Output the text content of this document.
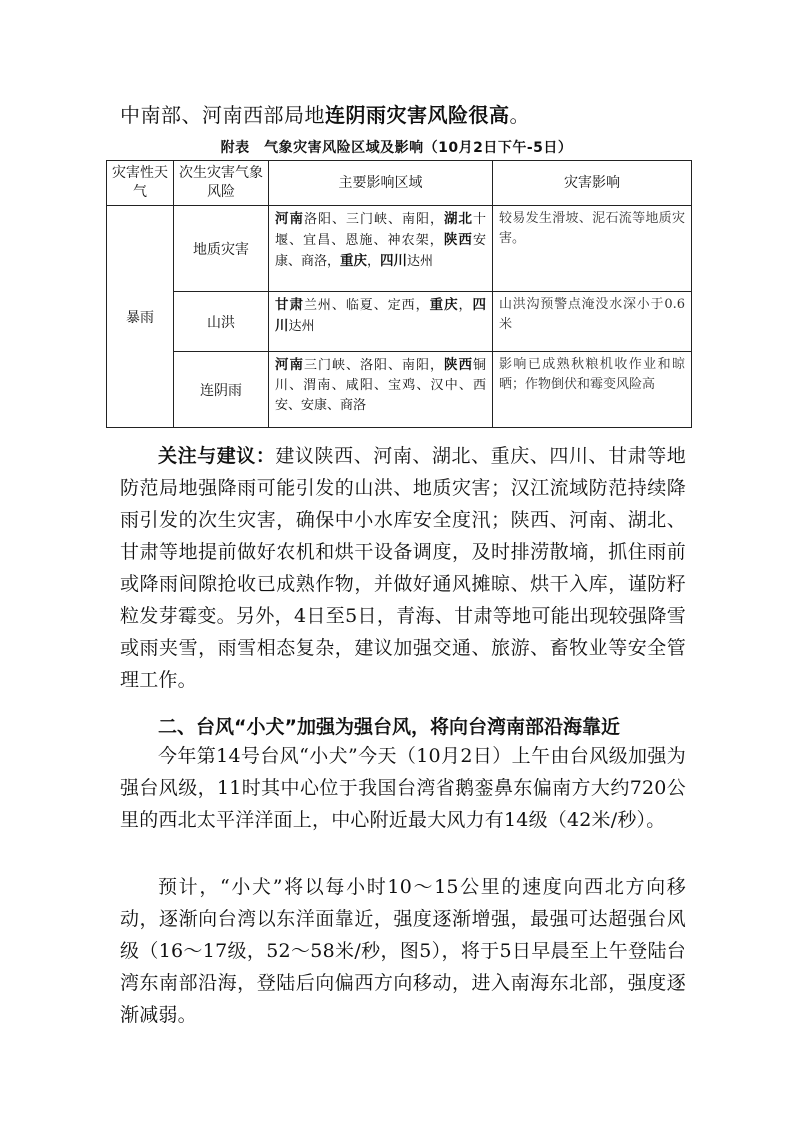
中南部、河南西部局地连阴雨灾害风险很高。
附表　气象灾害风险区域及影响（10月2日下午-5日）
灾害性天气	次生灾害气象风险	主要影响区域	灾害影响
暴雨	地质灾害	河南洛阳、三门峡、南阳，湖北十堰、宜昌、恩施、神农架，陕西安康、商洛，重庆，四川达州	较易发生滑坡、泥石流等地质灾害。
	山洪	甘肃兰州、临夏、定西，重庆，四川达州	山洪沟预警点淹没水深小于0.6米
	连阴雨	河南三门峡、洛阳、南阳，陕西铜川、渭南、咸阳、宝鸡、汉中、西安、安康、商洛	影响已成熟秋粮机收作业和晾晒；作物倒伏和霉变风险高
关注与建议：建议陕西、河南、湖北、重庆、四川、甘肃等地防范局地强降雨可能引发的山洪、地质灾害；汉江流域防范持续降雨引发的次生灾害，确保中小水库安全度汛；陕西、河南、湖北、甘肃等地提前做好农机和烘干设备调度，及时排涝散墒，抓住雨前或降雨间隙抢收已成熟作物，并做好通风摊晾、烘干入库，谨防籽粒发芽霉变。另外，4日至5日，青海、甘肃等地可能出现较强降雪或雨夹雪，雨雪相态复杂，建议加强交通、旅游、畜牧业等安全管理工作。
二、台风“小犬”加强为强台风，将向台湾南部沿海靠近
今年第14号台风“小犬”今天（10月2日）上午由台风级加强为强台风级，11时其中心位于我国台湾省鹅銮鼻东偏南方大约720公里的西北太平洋洋面上，中心附近最大风力有14级（42米/秒）。
预计，“小犬”将以每小时10～15公里的速度向西北方向移动，逐渐向台湾以东洋面靠近，强度逐渐增强，最强可达超强台风级（16～17级，52～58米/秒，图5），将于5日早晨至上午登陆台湾东南部沿海，登陆后向偏西方向移动，进入南海东北部，强度逐渐减弱。
